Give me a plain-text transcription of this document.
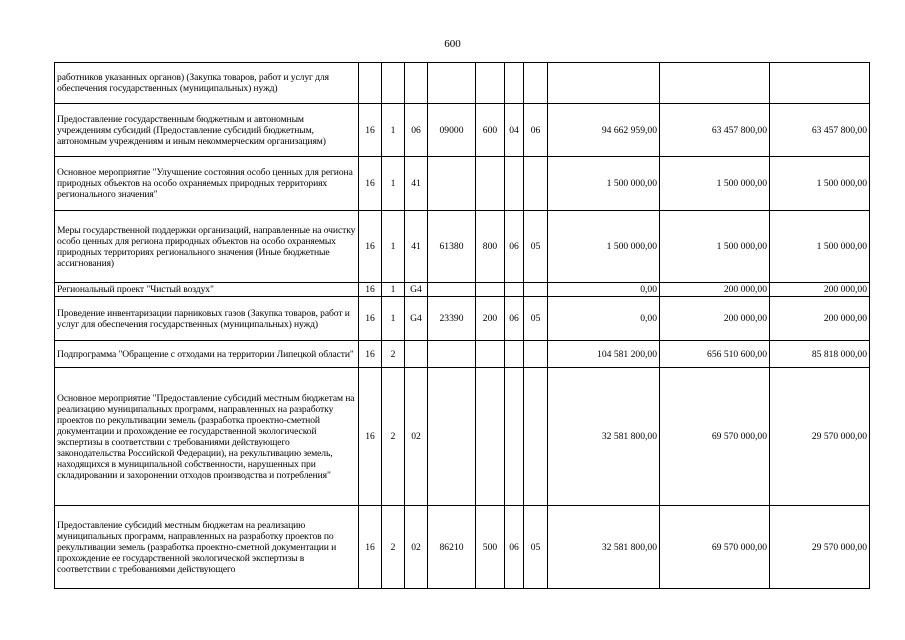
600
работников указанных органов) (Закупка товаров, работ и услуг для обеспечения государственных (муниципальных) нужд)										
Предоставление государственным бюджетным и автономным учреждениям субсидий (Предоставление субсидий бюджетным, автономным учреждениям и иным некоммерческим организациям)	16	1	06	09000	600	04	06	94 662 959,00	63 457 800,00	63 457 800,00
Основное мероприятие "Улучшение состояния особо ценных для региона природных объектов на особо охраняемых природных территориях регионального значения"	16	1	41					1 500 000,00	1 500 000,00	1 500 000,00
Меры государственной поддержки организаций, направленные на очистку особо ценных для региона природных объектов на особо охраняемых природных территориях регионального значения (Иные бюджетные ассигнования)	16	1	41	61380	800	06	05	1 500 000,00	1 500 000,00	1 500 000,00
Региональный проект "Чистый воздух"	16	1	G4					0,00	200 000,00	200 000,00
Проведение инвентаризации парниковых газов (Закупка товаров, работ и услуг для обеспечения государственных (муниципальных) нужд)	16	1	G4	23390	200	06	05	0,00	200 000,00	200 000,00
Подпрограмма "Обращение с отходами на территории Липецкой области"	16	2						104 581 200,00	656 510 600,00	85 818 000,00
Основное мероприятие "Предоставление субсидий местным бюджетам на реализацию муниципальных программ, направленных на разработку проектов по рекультивации земель (разработка проектно-сметной документации и прохождение ее государственной экологической экспертизы в соответствии с требованиями действующего законодательства Российской Федерации), на рекультивацию земель, находящихся в муниципальной собственности, нарушенных при складировании и захоронении отходов производства и потребления"	16	2	02					32 581 800,00	69 570 000,00	29 570 000,00
Предоставление субсидий местным бюджетам на реализацию муниципальных программ, направленных на разработку проектов по рекультивации земель (разработка проектно-сметной документации и прохождение ее государственной экологической экспертизы в соответствии с требованиями действующего	16	2	02	86210	500	06	05	32 581 800,00	69 570 000,00	29 570 000,00
